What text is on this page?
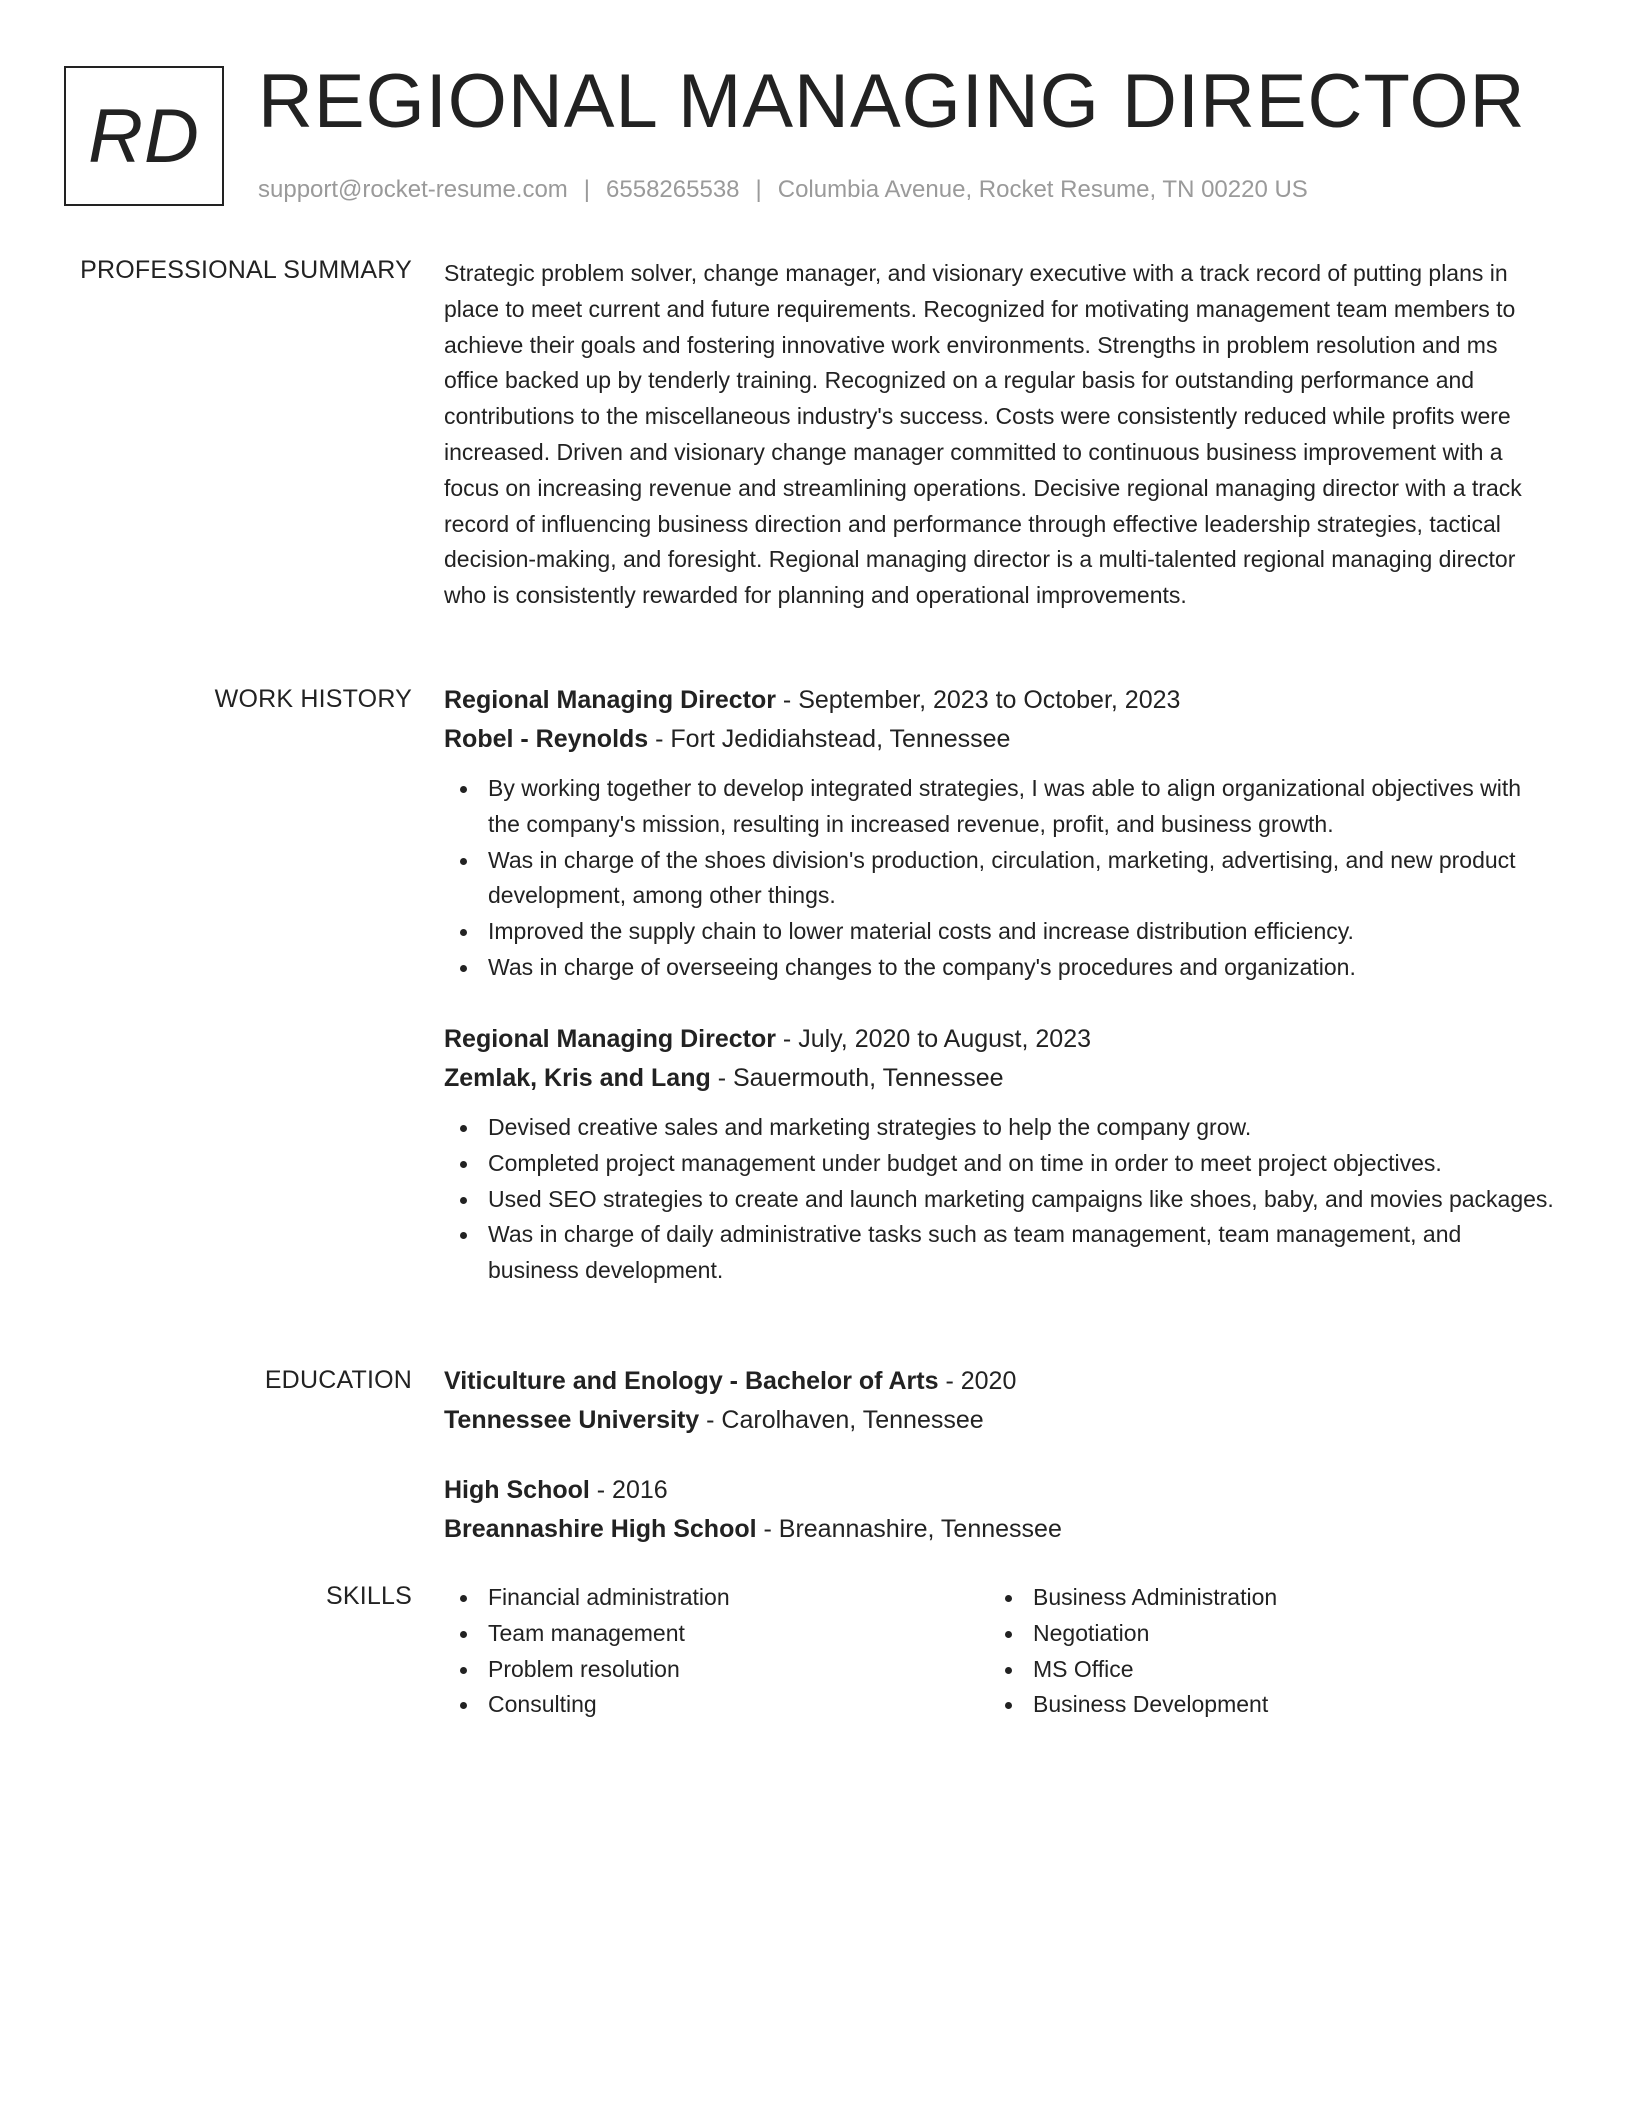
RD REGIONAL MANAGING DIRECTOR
support@rocket-resume.com | 6558265538 | Columbia Avenue, Rocket Resume, TN 00220 US
PROFESSIONAL SUMMARY Strategic problem solver, change manager, and visionary executive with a track record of putting plans in place to meet current and future requirements. Recognized for motivating management team members to achieve their goals and fostering innovative work environments. Strengths in problem resolution and ms office backed up by tenderly training. Recognized on a regular basis for outstanding performance and contributions to the miscellaneous industry's success. Costs were consistently reduced while profits were increased. Driven and visionary change manager committed to continuous business improvement with a focus on increasing revenue and streamlining operations. Decisive regional managing director with a track record of influencing business direction and performance through effective leadership strategies, tactical decision-making, and foresight. Regional managing director is a multi-talented regional managing director who is consistently rewarded for planning and operational improvements.

WORK HISTORY Regional Managing Director - September, 2023 to October, 2023
Robel - Reynolds - Fort Jedidiahstead, Tennessee
By working together to develop integrated strategies, I was able to align organizational objectives with the company's mission, resulting in increased revenue, profit, and business growth.
Was in charge of the shoes division's production, circulation, marketing, advertising, and new product development, among other things.
Improved the supply chain to lower material costs and increase distribution efficiency.
Was in charge of overseeing changes to the company's procedures and organization.
Regional Managing Director - July, 2020 to August, 2023
Zemlak, Kris and Lang - Sauermouth, Tennessee
Devised creative sales and marketing strategies to help the company grow.
Completed project management under budget and on time in order to meet project objectives.
Used SEO strategies to create and launch marketing campaigns like shoes, baby, and movies packages.
Was in charge of daily administrative tasks such as team management, team management, and business development.
EDUCATION Viticulture and Enology - Bachelor of Arts - 2020
Tennessee University - Carolhaven, Tennessee
High School - 2016
Breannashire High School - Breannashire, Tennessee
SKILLS	Financial administration
Team management
Problem resolution
Consulting
Business Administration
Negotiation
MS Office
Business Development
